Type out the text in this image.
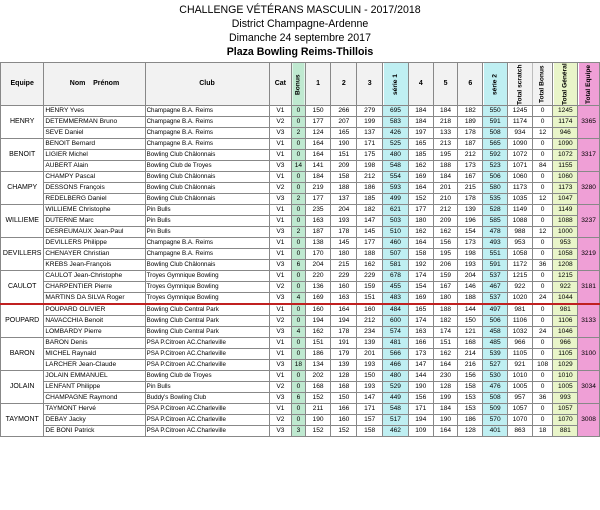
CHALLENGE VÉTÉRANS MASCULIN - 2017/2018
District Champagne-Ardenne
Dimanche 24 septembre 2017
Plaza Bowling Reims-Thillois
Equipe	Nom Prénom	Club	Cat	Bonus	1	2	3	série 1	4	5	6	série 2	Total scratch	Total Bonus	Total Général	Total Equipe
HENRY	HENRY Yves	Champagne B.A. Reims	V1	0	150	266	279	695	184	184	182	550	1245	0	1245	3365
	DETEMMERMAN Bruno	Champagne B.A. Reims	V2	0	177	207	199	583	184	218	189	591	1174	0	1174	
	SEVE Daniel	Champagne B.A. Reims	V3	2	124	165	137	426	197	133	178	508	934	12	946	
BENOIT	BENOIT Bernard	Champagne B.A. Reims	V1	0	164	190	171	525	165	213	187	565	1090	0	1090	3317
	LIGIER Michel	Bowling Club Châlonnais	V1	0	164	151	175	480	185	195	212	592	1072	0	1072	
	AUBERT Alain	Bowling Club de Troyes	V3	14	141	209	198	548	162	188	173	523	1071	84	1155	
CHAMPY	CHAMPY Pascal	Bowling Club Châlonnais	V1	0	184	158	212	554	169	184	167	506	1060	0	1060	3280
	DESSONS François	Bowling Club Châlonnais	V2	0	219	188	186	593	164	201	215	580	1173	0	1173	
	REDELBERG Daniel	Bowling Club Châlonnais	V3	2	177	137	185	499	152	210	178	535	1035	12	1047	
WILLIEME	WILLIEME Christophe	Pin Bulls	V1	0	235	204	182	621	177	212	139	528	1149	0	1149	3237
	DUTERNE Marc	Pin Bulls	V1	0	163	193	147	503	180	209	196	585	1088	0	1088	
	DESREUMAUX Jean-Paul	Pin Bulls	V3	2	187	178	145	510	162	162	154	478	988	12	1000	
DEVILLERS	DEVILLERS Philippe	Champagne B.A. Reims	V1	0	138	145	177	460	164	156	173	493	953	0	953	3219
	CHENAYER Christian	Champagne B.A. Reims	V1	0	170	180	188	507	158	195	198	551	1058	0	1058	
	KREBS Jean-François	Bowling Club Châlonnais	V3	6	204	215	162	581	192	206	193	591	1172	36	1208	
CAULOT	CAULOT Jean-Christophe	Troyes Gymnique Bowling	V1	0	220	229	229	678	174	159	204	537	1215	0	1215	3181
	CHARPENTIER Pierre	Troyes Gymnique Bowling	V2	0	136	160	159	455	154	167	146	467	922	0	922	
	MARTINS DA SILVA Roger	Troyes Gymnique Bowling	V3	4	169	163	151	483	169	180	188	537	1020	24	1044	
POUPARD	POUPARD OLIVIER	Bowling Club Central Park	V1	0	160	164	160	484	165	188	144	497	981	0	981	3133
	NAVACCHIA Benoit	Bowling Club Central Park	V2	0	194	194	212	600	174	182	150	506	1106	0	1106	
	LOMBARDY Pierre	Bowling Club Central Park	V3	4	162	178	234	574	163	174	121	458	1032	24	1046	
BARON	BARON Denis	PSA P.Citroen AC.Charleville	V1	0	151	191	139	481	166	151	168	485	966	0	966	3100
	MICHEL Raynald	PSA P.Citroen AC.Charleville	V1	0	186	179	201	566	173	162	214	539	1105	0	1105	
	LARCHER Jean-Claude	PSA P.Citroen AC.Charleville	V3	18	134	139	193	466	147	164	216	527	921	108	1029	
JOLAIN	JOLAIN EMMANUEL	Bowling Club de Troyes	V1	0	202	128	150	480	144	230	156	530	1010	0	1010	3034
	LENFANT Philippe	Pin Bulls	V2	0	168	168	193	529	190	128	158	476	1005	0	1005	
	CHAMPAGNE Raymond	Buddy's Bowling Club	V3	6	152	150	147	449	156	199	153	508	957	36	993	
TAYMONT	TAYMONT Hervé	PSA P.Citroen AC.Charleville	V1	0	211	166	171	548	171	184	153	509	1057	0	1057	3008
	DEBAY Jacky	PSA P.Citroen AC.Charleville	V2	0	190	160	157	517	194	190	186	570	1070	0	1070	
	DE BONI Patrick	PSA P.Citroen AC.Charleville	V3	3	152	152	158	462	109	164	128	401	863	18	881	
